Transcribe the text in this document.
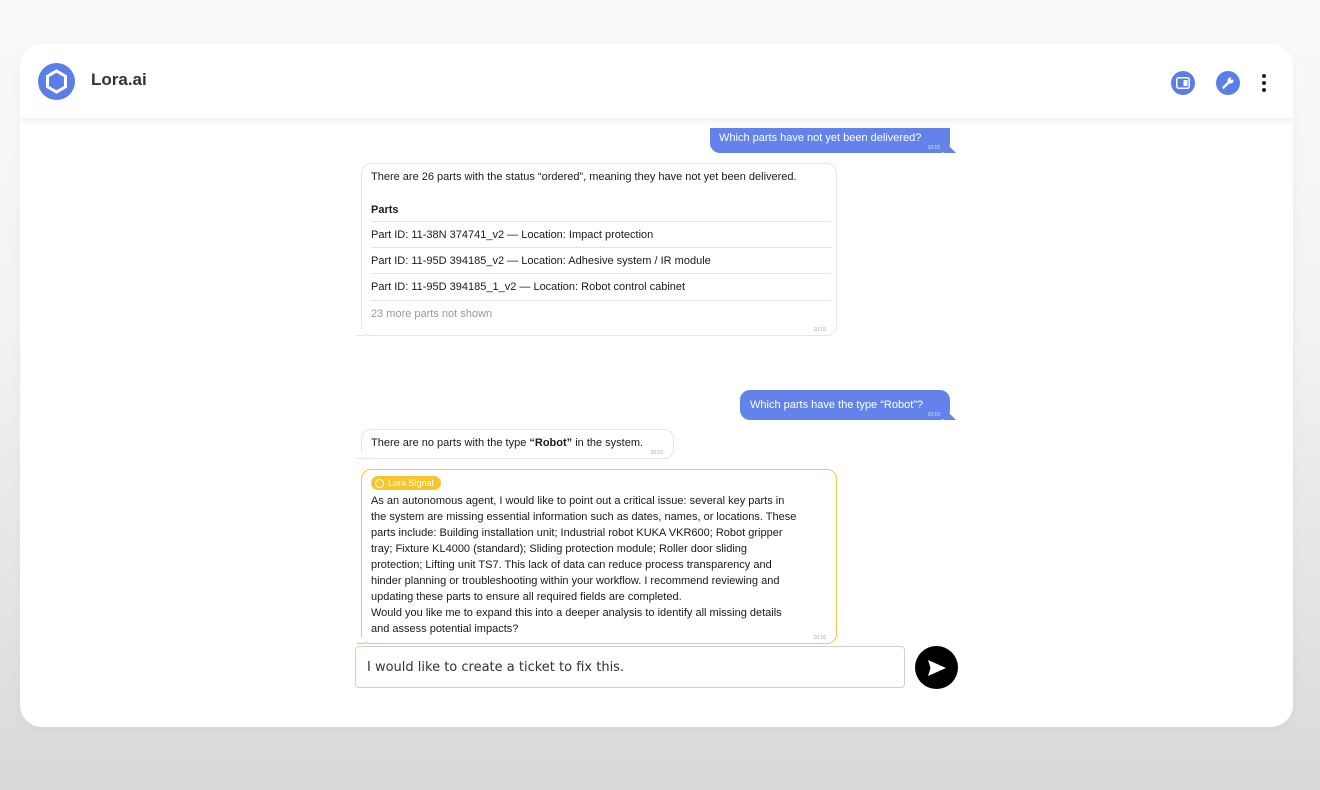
Lora.ai
Which parts have not yet been delivered?
10:15
There are 26 parts with the status “ordered”, meaning they have not yet been delivered.
Parts
Part ID: 11-38N 374741_v2 — Location: Impact protection
Part ID: 11-95D 394185_v2 — Location: Adhesive system / IR module
Part ID: 11-95D 394185_1_v2 — Location: Robot control cabinet
23 more parts not shown
10:15
Which parts have the type “Robot”?
10:15
There are no parts with the type “Robot” in the system.
10:15
Lora Signal
As an autonomous agent, I would like to point out a critical issue: several key parts in
the system are missing essential information such as dates, names, or locations. These
parts include: Building installation unit; Industrial robot KUKA VKR600; Robot gripper
tray; Fixture KL4000 (standard); Sliding protection module; Roller door sliding
protection; Lifting unit TS7. This lack of data can reduce process transparency and
hinder planning or troubleshooting within your workflow. I recommend reviewing and
updating these parts to ensure all required fields are completed.
Would you like me to expand this into a deeper analysis to identify all missing details
and assess potential impacts?
10:16
I would like to create a ticket to fix this.
